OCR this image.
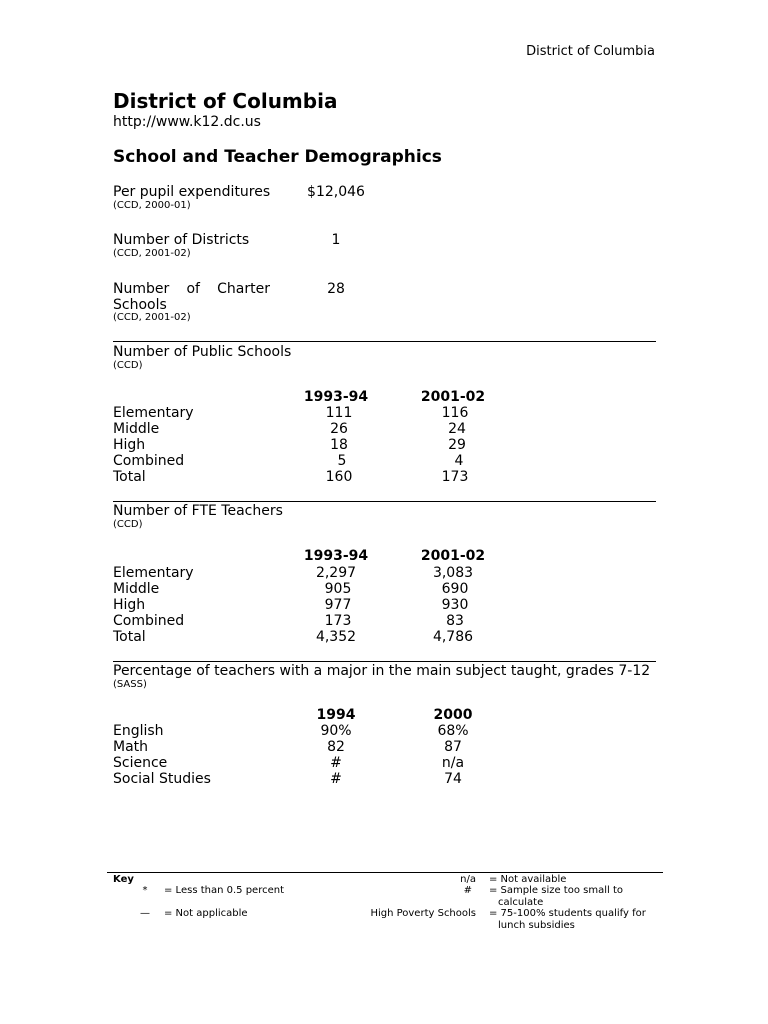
District of Columbia
District of Columbia
http://www.k12.dc.us
School and Teacher Demographics
Per pupil expenditures
(CCD, 2000-01)
$12,046
Number of Districts
(CCD, 2001-02)
1
Number of Charter
Schools
(CCD, 2001-02)
28
Number of Public Schools
(CCD)
1993-94	2001-02
Elementary	111	116
Middle	26	24
High	18	29
Combined	5	4
Total	160	173
Number of FTE Teachers
(CCD)
1993-94	2001-02
Elementary	2,297	3,083
Middle	905	690
High	977	930
Combined	173	83
Total	4,352	4,786
Percentage of teachers with a major in the main subject taught, grades 7-12
(SASS)
1994	2000
English	90%	68%
Math	82	87
Science	#	n/a
Social Studies	#	74
Key
* = Less than 0.5 percent
—	= Not applicable
n/a = Not available
# = Sample size too small to
calculate
High Poverty Schools = 75-100% students qualify for
lunch subsidies
